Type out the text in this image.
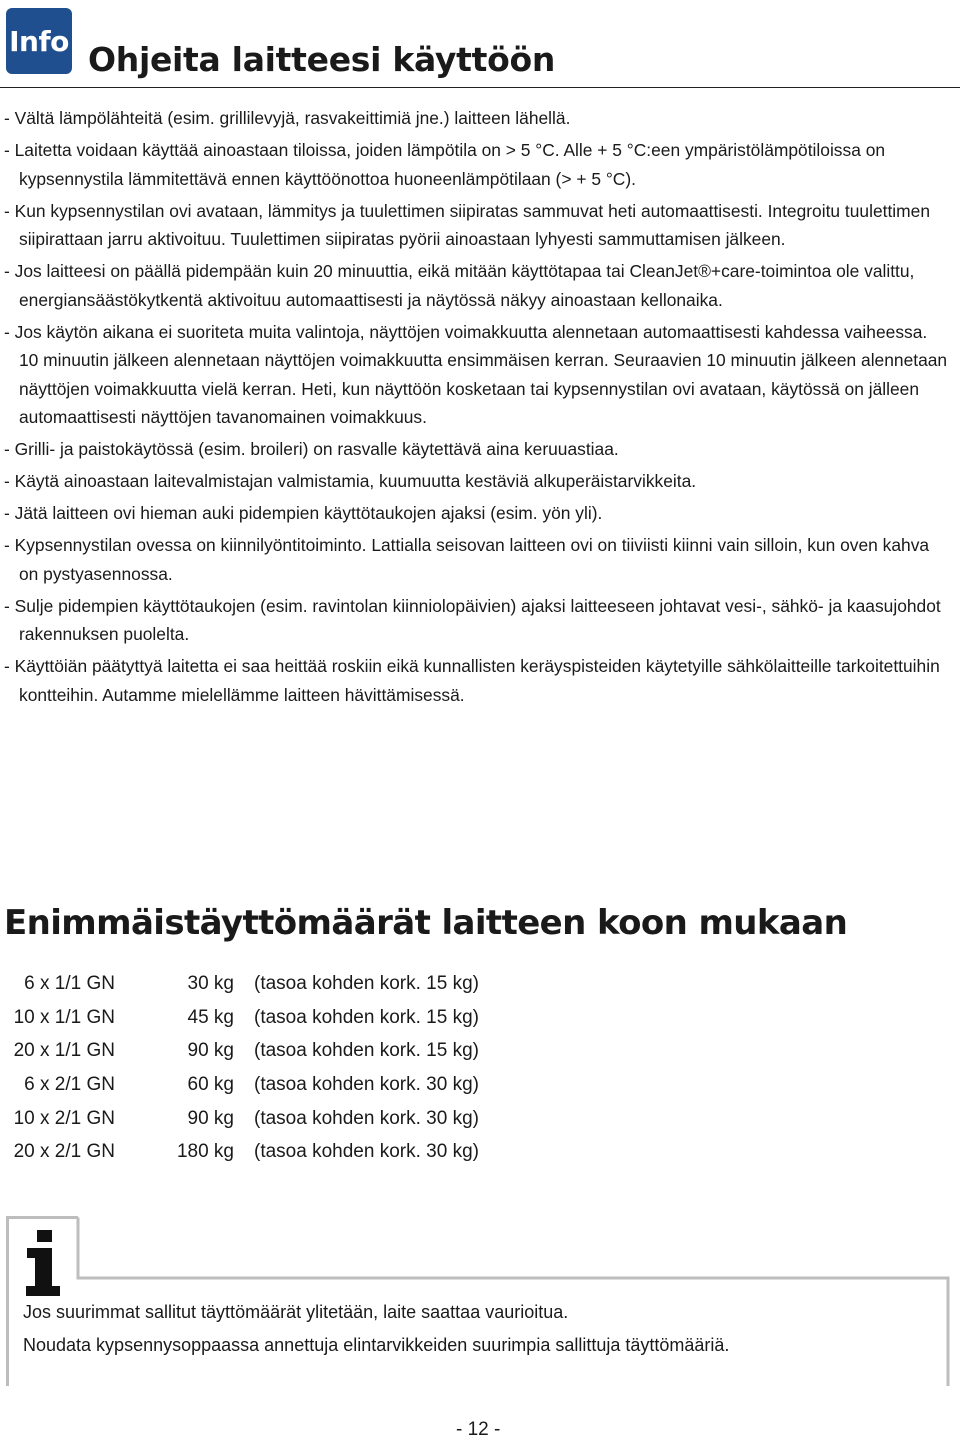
Info Ohjeita laitteesi käyttöön
- Vältä lämpölähteitä (esim. grillilevyjä, rasvakeittimiä jne.) laitteen lähellä.
- Laitetta voidaan käyttää ainoastaan tiloissa, joiden lämpötila on > 5 °C. Alle + 5 °C:een ympäristölämpötiloissa on kypsennystila lämmitettävä ennen käyttöönottoa huoneenlämpötilaan (> + 5 °C).
- Kun kypsennystilan ovi avataan, lämmitys ja tuulettimen siipiratas sammuvat heti automaattisesti. Integroitu tuulettimen siipirattaan jarru aktivoituu. Tuulettimen siipiratas pyörii ainoastaan lyhyesti sammuttamisen jälkeen.
- Jos laitteesi on päällä pidempään kuin 20 minuuttia, eikä mitään käyttötapaa tai CleanJet®+care-toimintoa ole valittu, energiansäästökytkentä aktivoituu automaattisesti ja näytössä näkyy ainoastaan kellonaika.
- Jos käytön aikana ei suoriteta muita valintoja, näyttöjen voimakkuutta alennetaan automaattisesti kahdessa vaiheessa. 10 minuutin jälkeen alennetaan näyttöjen voimakkuutta ensimmäisen kerran. Seuraavien 10 minuutin jälkeen alennetaan näyttöjen voimakkuutta vielä kerran. Heti, kun näyttöön kosketaan tai kypsennystilan ovi avataan, käytössä on jälleen automaattisesti näyttöjen tavanomainen voimakkuus.
- Grilli- ja paistokäytössä (esim. broileri) on rasvalle käytettävä aina keruuastiaa.
- Käytä ainoastaan laitevalmistajan valmistamia, kuumuutta kestäviä alkuperäistarvikkeita.
- Jätä laitteen ovi hieman auki pidempien käyttötaukojen ajaksi (esim. yön yli).
- Kypsennystilan ovessa on kiinnilyöntitoiminto. Lattialla seisovan laitteen ovi on tiiviisti kiinni vain silloin, kun oven kahva on pystyasennossa.
- Sulje pidempien käyttötaukojen (esim. ravintolan kiinniolopäivien) ajaksi laitteeseen johtavat vesi-, sähkö- ja kaasujohdot rakennuksen puolelta.
- Käyttöiän päätyttyä laitetta ei saa heittää roskiin eikä kunnallisten keräyspisteiden käytetyille sähkölaitteille tarkoitettuihin kontteihin. Autamme mielellämme laitteen hävittämisessä.
Enimmäistäyttömäärät laitteen koon mukaan
6 x 1/1 GN	30 kg	(tasoa kohden kork. 15 kg)
10 x 1/1 GN	45 kg	(tasoa kohden kork. 15 kg)
20 x 1/1 GN	90 kg	(tasoa kohden kork. 15 kg)
6 x 2/1 GN	60 kg	(tasoa kohden kork. 30 kg)
10 x 2/1 GN	90 kg	(tasoa kohden kork. 30 kg)
20 x 2/1 GN	180 kg	(tasoa kohden kork. 30 kg)

Jos suurimmat sallitut täyttömäärät ylitetään, laite saattaa vaurioitua.

Noudata kypsennysoppaassa annettuja elintarvikkeiden suurimpia sallittuja täyttömääriä.

- 12 -
